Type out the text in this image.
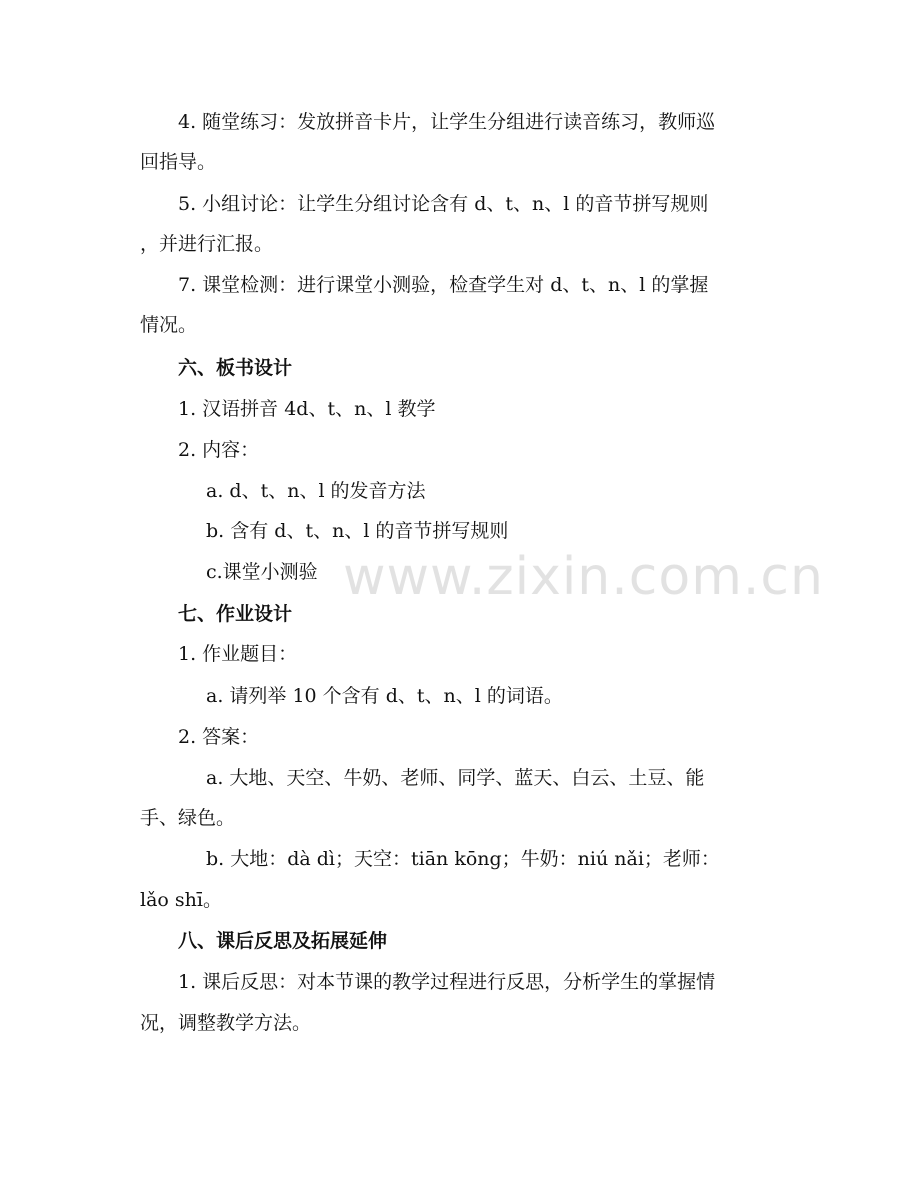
4. 随堂练习：发放拼音卡片，让学生分组进行读音练习，教师巡
回指导。
5. 小组讨论：让学生分组讨论含有 d、t、n、l 的音节拼写规则
，并进行汇报。
7. 课堂检测：进行课堂小测验，检查学生对 d、t、n、l 的掌握
情况。
六、板书设计
1. 汉语拼音 4d、t、n、l 教学
2. 内容：
a. d、t、n、l 的发音方法
b. 含有 d、t、n、l 的音节拼写规则
c.课堂小测验
七、作业设计
1. 作业题目：
a. 请列举 10 个含有 d、t、n、l 的词语。
2. 答案：
a. 大地、天空、牛奶、老师、同学、蓝天、白云、土豆、能
手、绿色。
b. 大地：dà dì；天空：tiān kōng；牛奶：niú nǎi；老师：
lǎo shī。
八、课后反思及拓展延伸
1. 课后反思：对本节课的教学过程进行反思，分析学生的掌握情
况，调整教学方法。
www.zixin.com.cn
